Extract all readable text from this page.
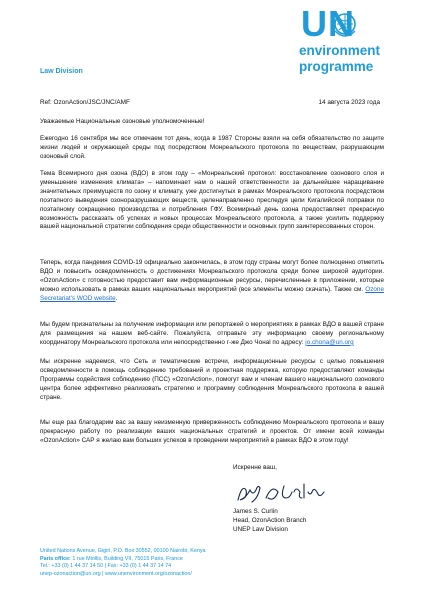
UN
environment
programme
Law Division
Ref: OzonAction/JSC/JNC/AMF	14 августа 2023 года
Уважаемые Национальные озоновые уполномоченные!
Ежегодно 16 сентября мы все отмечаем тот день, когда в 1987 Стороны взяли на себя обязательство по защите жизни людей и окружающей среды под посредством Монреальского протокола по веществам, разрушающим озоновый слой.
Тема Всемирного дня озона (ВДО) в этом году – «Монреальский протокол: восстановление озонового слоя и уменьшение изменения климата» – напоминает нам о нашей ответственности за дальнейшее наращивание значительных преимуществ по озону и климату, уже достигнутых в рамках Монреальского протокола посредством поэтапного выведения озоноразрушающих веществ, целенаправленно преследуя цели Кигалийской поправки по поэтапному сокращению производства и потребления ГФУ. Всемирный день озона предоставляет прекрасную возможность рассказать об успехах и новых процессах Монреальского протокола, а также усилить поддержку вашей национальной стратегии соблюдения среди общественности и основных групп заинтересованных сторон.
Теперь, когда пандемия COVID-19 официально закончилась, в этом году страны могут более полноценно отметить ВДО и повысить осведомленность о достижениях Монреальского протокола среди более широкой аудитории. «OzonAction» с готовностью предоставит вам информационные ресурсы, перечисленные в приложении, которые можно использовать в рамках ваших национальных мероприятий (все элементы можно скачать). Также см. Ozone Secretariat's WOD website.
Мы будем признательны за получение информации или репортажей о мероприятиях в рамках ВДО в вашей стране для размещения на нашем веб-сайте. Пожалуйста, отправьте эту информацию своему региональному координатору Монреальского протокола или непосредственно г-же Джо Чонаl по адресу: jo.chona@un.org
Мы искренне надеемся, что Сеть и тематические встречи, информационные ресурсы с целью повышения осведомленности в помощь соблюдению требований и проектная поддержка, которую предоставляют команды Программы содействия соблюдению (ПСС) «OzonAction», помогут вам и членам вашего национального озонового центра более эффективно реализовать стратегию и программу соблюдения Монреальского протокола в вашей стране.
Мы еще раз благодарим вас за вашу неизменную приверженность соблюдению Монреальского протокола и вашу прекрасную работу по реализации ваших национальных стратегий и проектов. От имени всей команды «OzonAction» САР я желаю вам больших успехов в проведении мероприятий в рамках ВДО в этом году!
Искренне ваш,
James S. Curlin
Head, OzonAction Branch
UNEP Law Division
United Nations Avenue, Gigiri, P.O. Box 30552, 00100 Nairobi, Kenya
Paris office: 1 rue Miollis, Building VII, 75015 Paris, France
Tel.: +33 (0) 1 44 37 14 50 | Fax: +33 (0) 1 44 37 14 74
unep-ozonaction@un.org | www.unenvironment.org/ozonaction/
